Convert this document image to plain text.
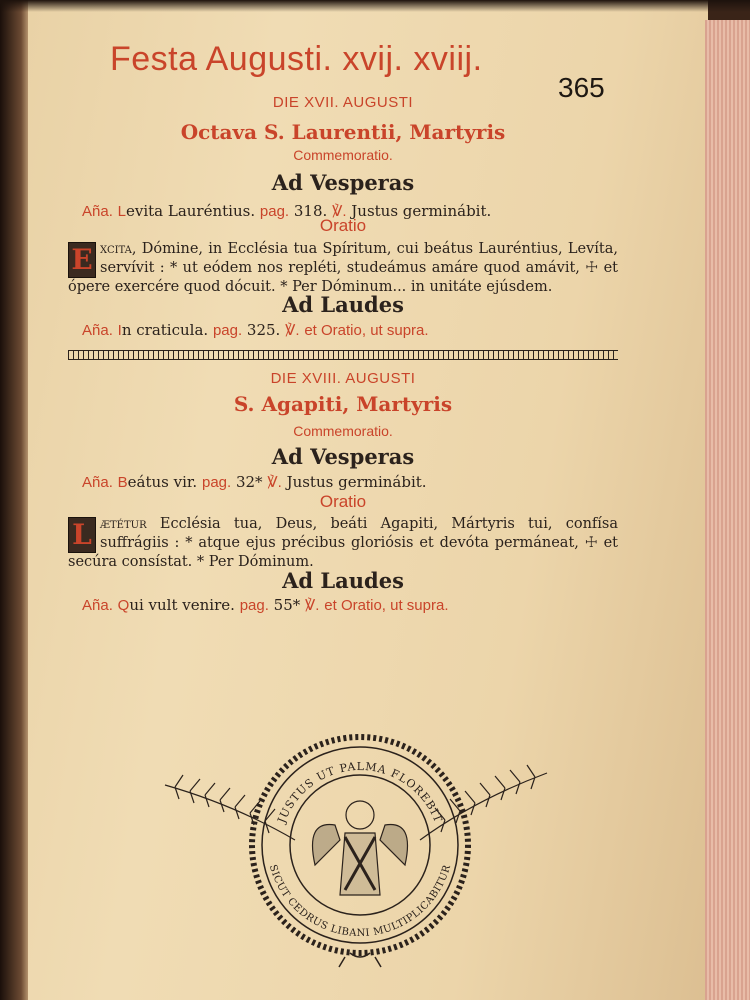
Festa Augusti. xvij. xviij.
365
DIE XVII. AUGUSTI
Octava S. Laurentii, Martyris
Commemoratio.
Ad Vesperas
Aña. Levita Lauréntius. pag. 318. ℣. Justus germinábit.
Oratio
E xcita, Dómine, in Ecclésia tua Spíritum, cui beátus Lauréntius, Levíta, servívit : * ut eódem nos repléti, studeámus amáre quod amávit, ☩ et ópere exercére quod dócuit. * Per Dóminum... in unitáte ejúsdem.
Ad Laudes
Aña. In craticula. pag. 325. ℣. et Oratio, ut supra.
DIE XVIII. AUGUSTI
S. Agapiti, Martyris
Commemoratio.
Ad Vesperas
Aña. Beátus vir. pag. 32* ℣. Justus germinábit.
Oratio
L ætétur Ecclésia tua, Deus, beáti Agapiti, Mártyris tui, confísa suffrágiis : * atque ejus précibus gloriósis et devóta permáneat, ☩ et secúra consístat. * Per Dóminum.
Ad Laudes
Aña. Qui vult venire. pag. 55* ℣. et Oratio, ut supra.
JUSTUS UT PALMA FLOREBIT
SICUT CEDRUS LIBANI MULTIPLICABITUR
